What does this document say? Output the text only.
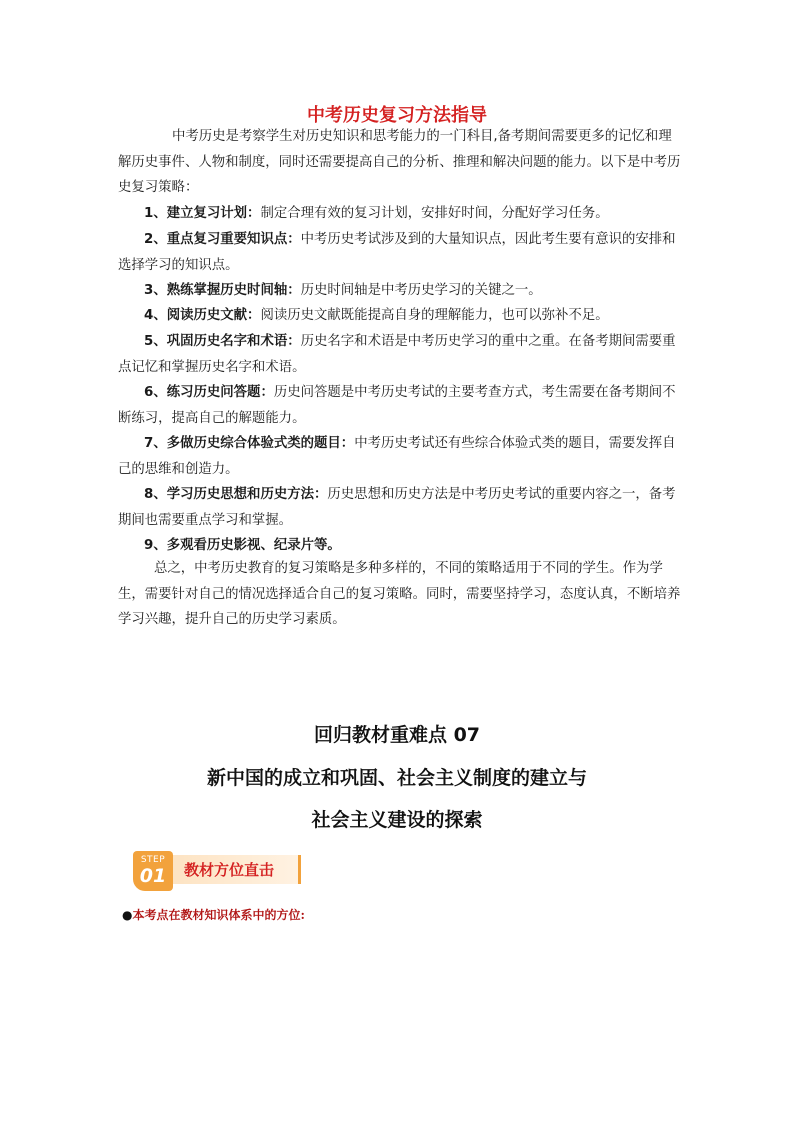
中考历史复习方法指导
中考历史是考察学生对历史知识和思考能力的一门科目,备考期间需要更多的记忆和理解历史事件、人物和制度，同时还需要提高自己的分析、推理和解决问题的能力。以下是中考历史复习策略：
1、建立复习计划：制定合理有效的复习计划，安排好时间，分配好学习任务。
2、重点复习重要知识点：中考历史考试涉及到的大量知识点，因此考生要有意识的安排和选择学习的知识点。
3、熟练掌握历史时间轴：历史时间轴是中考历史学习的关键之一。
4、阅读历史文献：阅读历史文献既能提高自身的理解能力，也可以弥补不足。
5、巩固历史名字和术语：历史名字和术语是中考历史学习的重中之重。在备考期间需要重点记忆和掌握历史名字和术语。
6、练习历史问答题：历史问答题是中考历史考试的主要考查方式，考生需要在备考期间不断练习，提高自己的解题能力。
7、多做历史综合体验式类的题目：中考历史考试还有些综合体验式类的题目，需要发挥自己的思维和创造力。
8、学习历史思想和历史方法：历史思想和历史方法是中考历史考试的重要内容之一，备考期间也需要重点学习和掌握。
9、多观看历史影视、纪录片等。
总之，中考历史教育的复习策略是多种多样的，不同的策略适用于不同的学生。作为学生，需要针对自己的情况选择适合自己的复习策略。同时，需要坚持学习，态度认真，不断培养学习兴趣，提升自己的历史学习素质。
回归教材重难点 07
新中国的成立和巩固、社会主义制度的建立与
社会主义建设的探索
教材方位直击
STEP
01
●本考点在教材知识体系中的方位:
